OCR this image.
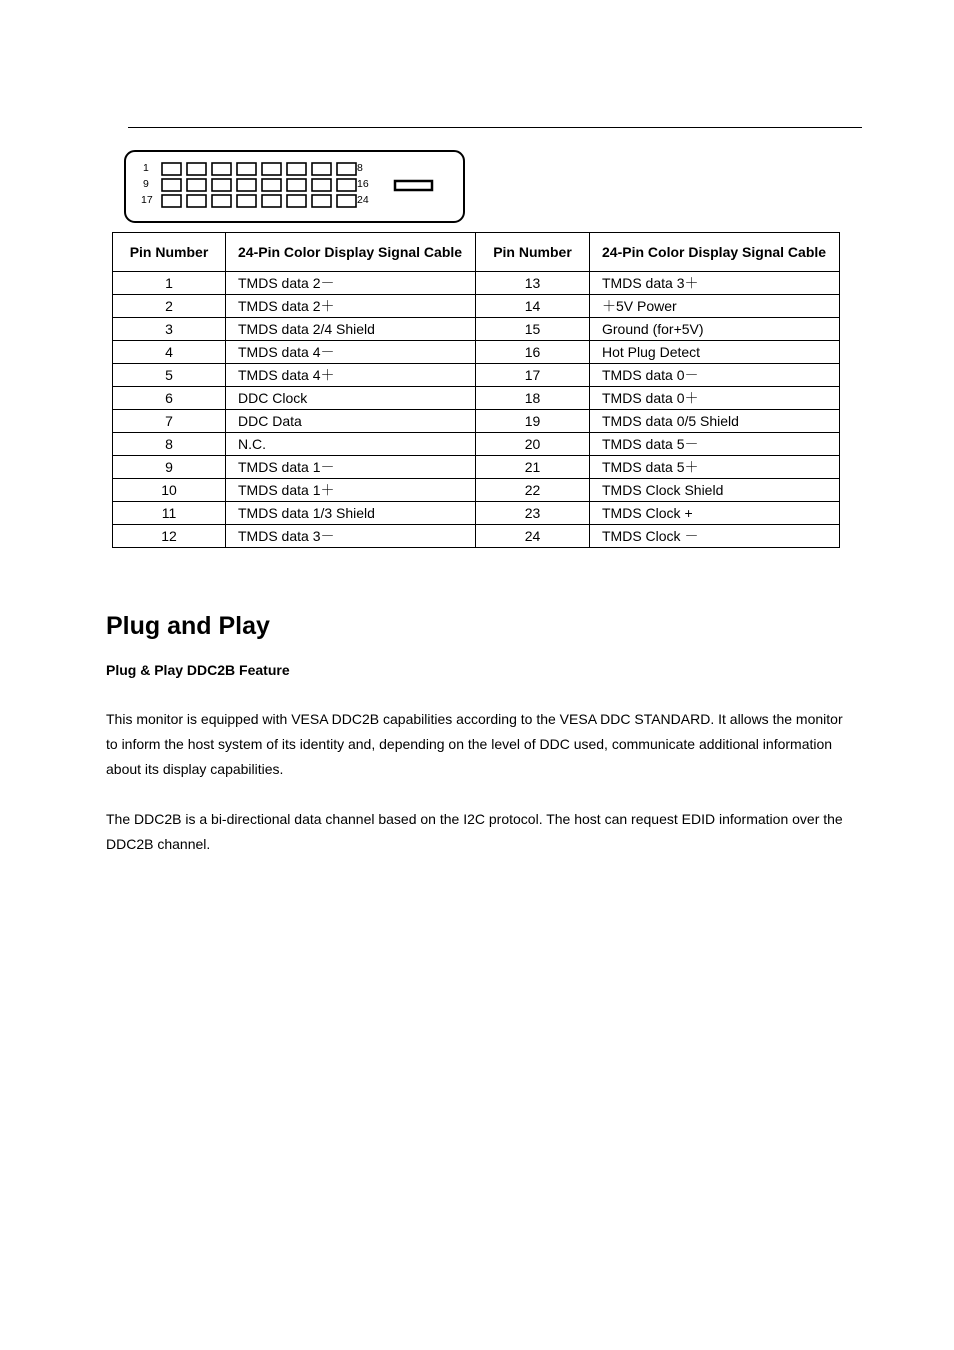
1	8
9	16
17	24
Pin Number	24-Pin Color Display Signal Cable	Pin Number	24-Pin Color Display Signal Cable
1	TMDS data 2－	13	TMDS data 3＋
2	TMDS data 2＋	14	＋5V Power
3	TMDS data 2/4 Shield	15	Ground (for+5V)
4	TMDS data 4－	16	Hot Plug Detect
5	TMDS data 4＋	17	TMDS data 0－
6	DDC Clock	18	TMDS data 0＋
7	DDC Data	19	TMDS data 0/5 Shield
8	N.C.	20	TMDS data 5－
9	TMDS data 1－	21	TMDS data 5＋
10	TMDS data 1＋	22	TMDS Clock Shield
11	TMDS data 1/3 Shield	23	TMDS Clock +
12	TMDS data 3－	24	TMDS Clock －
Plug and Play
Plug & Play DDC2B Feature

This monitor is equipped with VESA DDC2B capabilities according to the VESA DDC STANDARD. It allows the monitor to inform the host system of its identity and, depending on the level of DDC used, communicate additional information about its display capabilities.

The DDC2B is a bi-directional data channel based on the I2C protocol. The host can request EDID information over the DDC2B channel.
